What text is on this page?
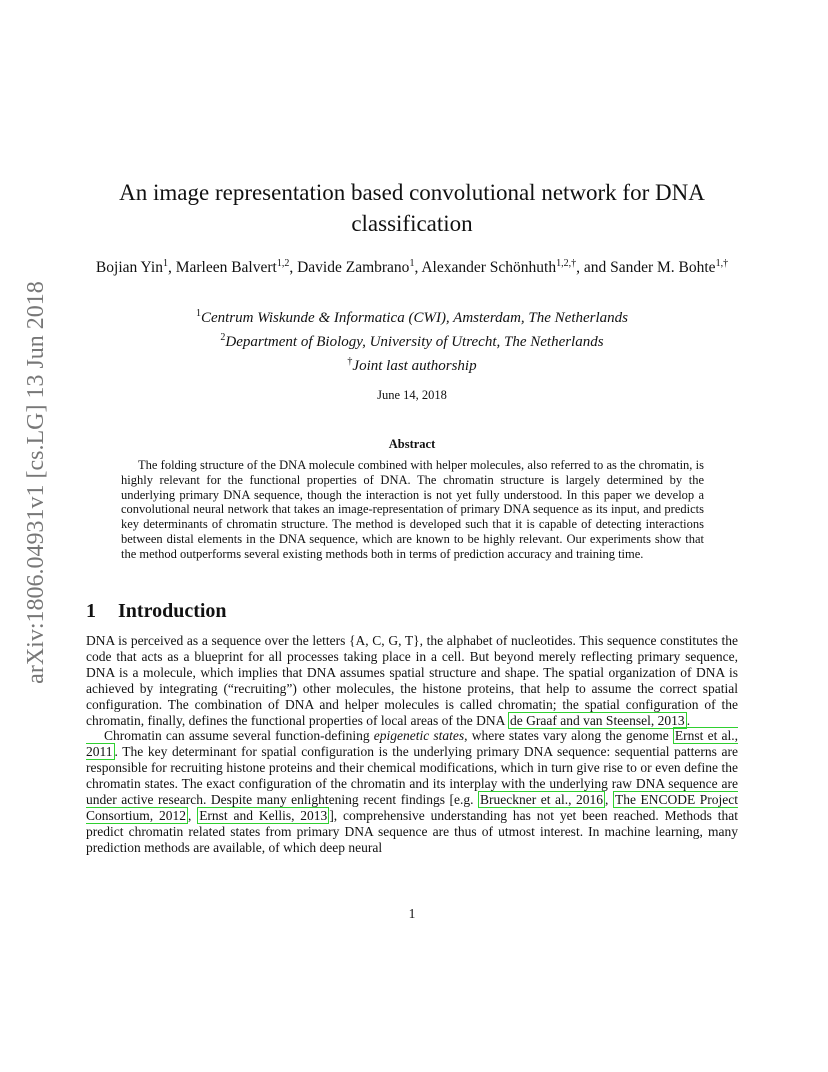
arXiv:1806.04931v1 [cs.LG] 13 Jun 2018
An image representation based convolutional network for DNA classification
Bojian Yin$^1$, Marleen Balvert$^{1,2}$, Davide Zambrano$^1$, Alexander Schönhuth$^{1,2,\dagger}$, and Sander M. Bohte$^{1,\dagger}$
$^1$Centrum Wiskunde & Informatica (CWI), Amsterdam, The Netherlands
$^2$Department of Biology, University of Utrecht, The Netherlands
†Joint last authorship
June 14, 2018
Abstract

The folding structure of the DNA molecule combined with helper molecules, also referred to as the chromatin, is highly relevant for the functional properties of DNA. The chromatin structure is largely determined by the underlying primary DNA sequence, though the interaction is not yet fully understood. In this paper we develop a convolutional neural network that takes an image-representation of primary DNA sequence as its input, and predicts key determinants of chromatin structure. The method is developed such that it is capable of detecting interactions between distal elements in the DNA sequence, which are known to be highly relevant. Our experiments show that the method outperforms several existing methods both in terms of prediction accuracy and training time.

1 Introduction

DNA is perceived as a sequence over the letters {A, C, G, T}, the alphabet of nucleotides. This sequence constitutes the code that acts as a blueprint for all processes taking place in a cell. But beyond merely reflecting primary sequence, DNA is a molecule, which implies that DNA assumes spatial structure and shape. The spatial organization of DNA is achieved by integrating (“recruiting”) other molecules, the histone proteins, that help to assume the correct spatial configuration. The combination of DNA and helper molecules is called chromatin; the spatial configuration of the chromatin, finally, defines the functional properties of local areas of the DNA de Graaf and van Steensel, 2013 .

Chromatin can assume several function-defining epigenetic states, where states vary along the genome Ernst et al., 2011 . The key determinant for spatial configuration is the underlying primary DNA sequence: sequential patterns are responsible for recruiting histone proteins and their chemical modifications, which in turn give rise to or even define the chromatin states. The exact configuration of the chromatin and its interplay with the underlying raw DNA sequence are under active research. Despite many enlightening recent findings [e.g. Brueckner et al., 2016 , The ENCODE Project Consortium, 2012 , Ernst and Kellis, 2013 ], comprehensive understanding has not yet been reached. Methods that predict chromatin related states from primary DNA sequence are thus of utmost interest. In machine learning, many prediction methods are available, of which deep neural

1
